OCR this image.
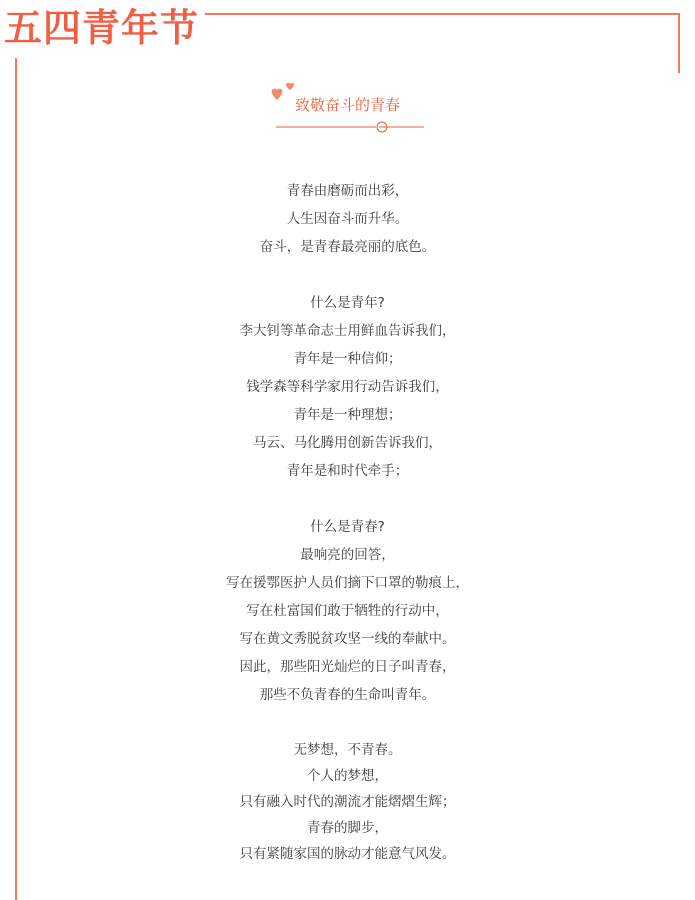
五四青年节
致敬奋斗的青春
青春由磨砺而出彩，
人生因奋斗而升华。
奋斗，是青春最亮丽的底色。
什么是青年?
李大钊等革命志士用鲜血告诉我们，
青年是一种信仰；
钱学森等科学家用行动告诉我们，
青年是一种理想；
马云、马化腾用创新告诉我们，
青年是和时代牵手；
什么是青春?
最响亮的回答，
写在援鄂医护人员们摘下口罩的勒痕上，
写在杜富国们敢于牺牲的行动中，
写在黄文秀脱贫攻坚一线的奉献中。
因此，那些阳光灿烂的日子叫青春，
那些不负青春的生命叫青年。
无梦想，不青春。
个人的梦想，
只有融入时代的潮流才能熠熠生辉；
青春的脚步，
只有紧随家国的脉动才能意气风发。
